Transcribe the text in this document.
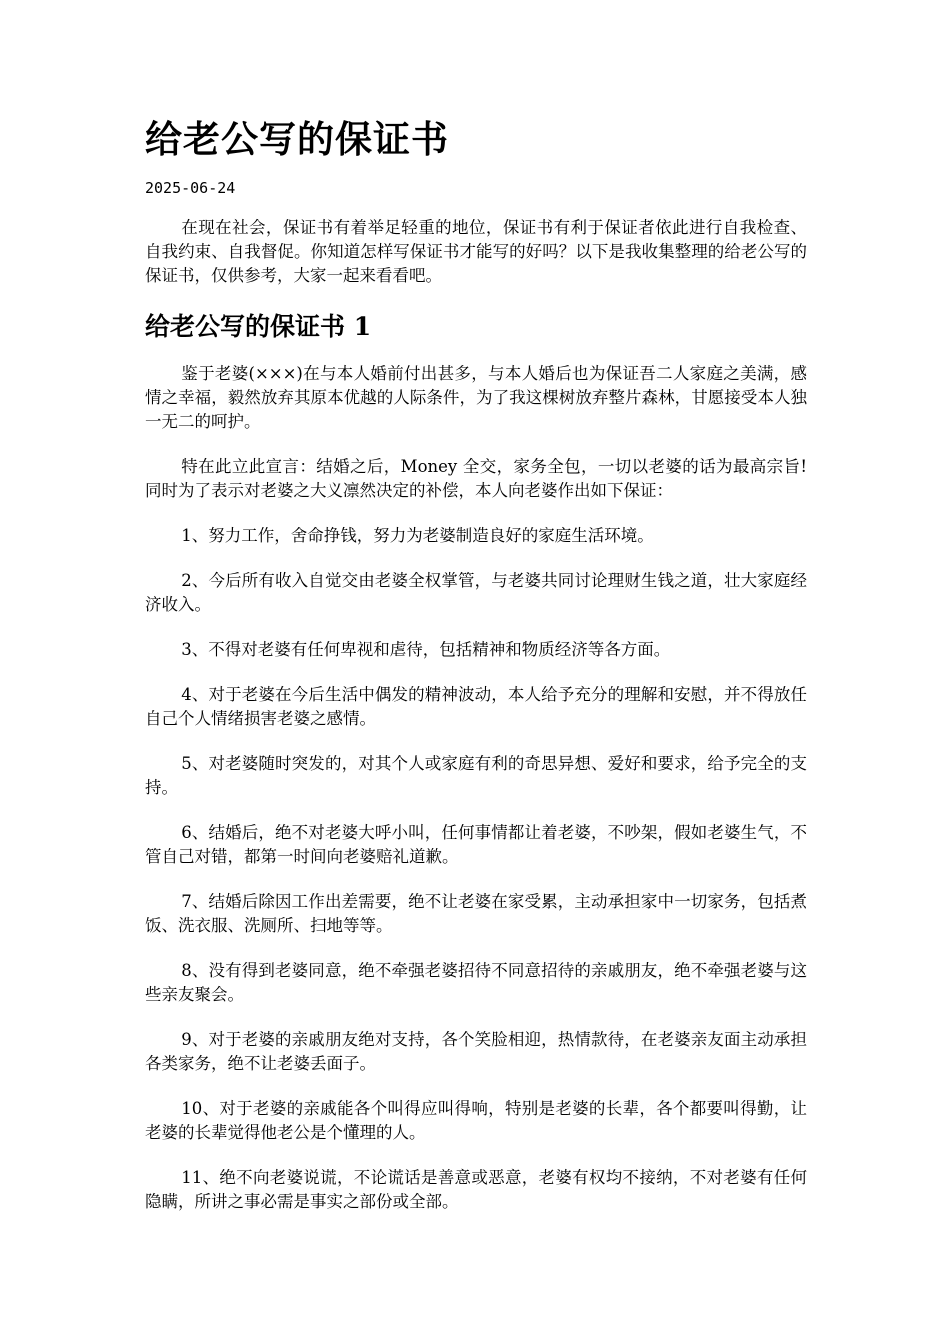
给老公写的保证书
2025-06-24

在现在社会，保证书有着举足轻重的地位，保证书有利于保证者依此进行自我检查、自我约束、自我督促。你知道怎样写保证书才能写的好吗？以下是我收集整理的给老公写的保证书，仅供参考，大家一起来看看吧。

给老公写的保证书 1

鉴于老婆(×××)在与本人婚前付出甚多，与本人婚后也为保证吾二人家庭之美满，感情之幸福，毅然放弃其原本优越的人际条件，为了我这棵树放弃整片森林，甘愿接受本人独一无二的呵护。

特在此立此宣言：结婚之后，Money 全交，家务全包，一切以老婆的话为最高宗旨!同时为了表示对老婆之大义凛然决定的补偿，本人向老婆作出如下保证：

1、努力工作，舍命挣钱，努力为老婆制造良好的家庭生活环境。

2、今后所有收入自觉交由老婆全权掌管，与老婆共同讨论理财生钱之道，壮大家庭经济收入。

3、不得对老婆有任何卑视和虐待，包括精神和物质经济等各方面。

4、对于老婆在今后生活中偶发的精神波动，本人给予充分的理解和安慰，并不得放任自己个人情绪损害老婆之感情。

5、对老婆随时突发的，对其个人或家庭有利的奇思异想、爱好和要求，给予完全的支持。

6、结婚后，绝不对老婆大呼小叫，任何事情都让着老婆，不吵架，假如老婆生气，不管自己对错，都第一时间向老婆赔礼道歉。

7、结婚后除因工作出差需要，绝不让老婆在家受累，主动承担家中一切家务，包括煮饭、洗衣服、洗厕所、扫地等等。

8、没有得到老婆同意，绝不牵强老婆招待不同意招待的亲戚朋友，绝不牵强老婆与这些亲友聚会。

9、对于老婆的亲戚朋友绝对支持，各个笑脸相迎，热情款待，在老婆亲友面主动承担各类家务，绝不让老婆丢面子。

10、对于老婆的亲戚能各个叫得应叫得响，特别是老婆的长辈，各个都要叫得勤，让老婆的长辈觉得他老公是个懂理的人。

11、绝不向老婆说谎，不论谎话是善意或恶意，老婆有权均不接纳，不对老婆有任何隐瞒，所讲之事必需是事实之部份或全部。
